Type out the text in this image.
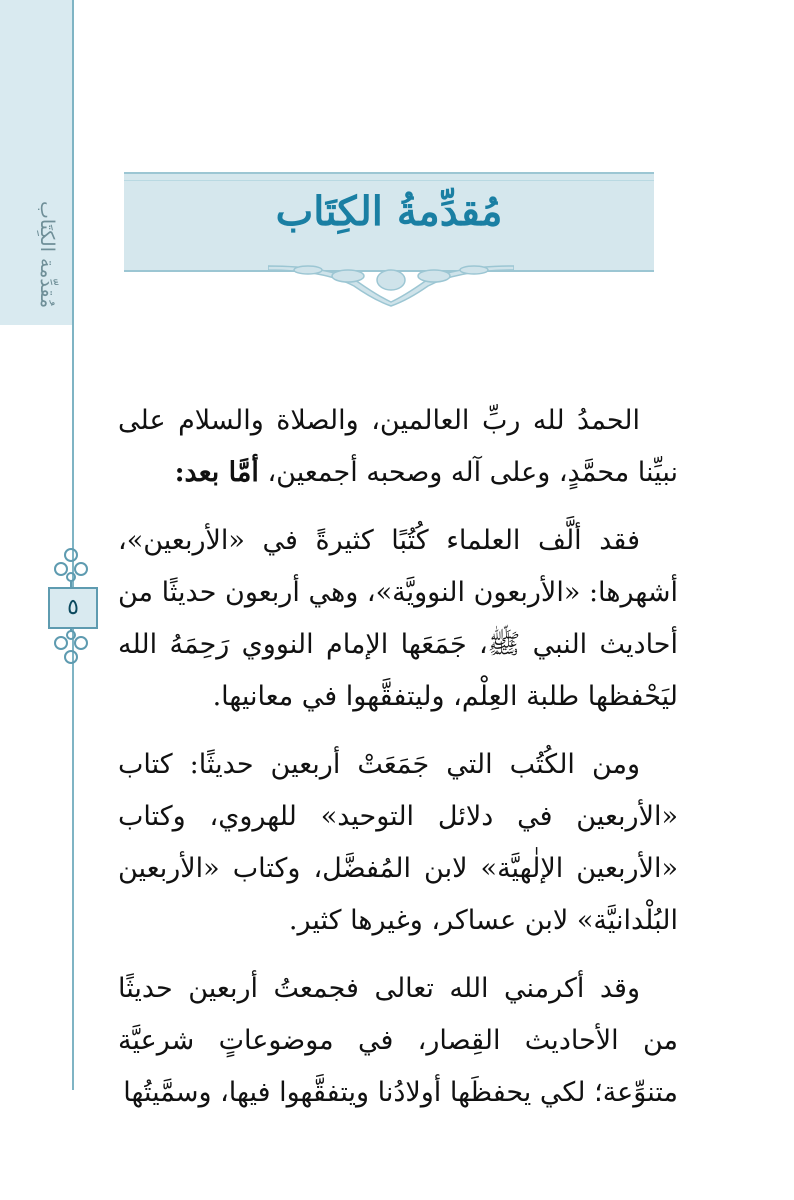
مُقدِّمة الكِتَاب
٥
مُقدِّمةُ الكِتَاب

الحمدُ لله ربِّ العالمين، والصلاة والسلام على نبيِّنا محمَّدٍ، وعلى آله وصحبه أجمعين، أمَّا بعد:

فقد ألَّف العلماء كُتُبًا كثيرةً في «الأربعين»، أشهرها: «الأربعون النوويَّة»، وهي أربعون حديثًا من أحاديث النبي ﷺ، جَمَعَها الإمام النووي رَحِمَهُ الله ليَحْفظها طلبة العِلْم، وليتفقَّهوا في معانيها.

ومن الكُتُب التي جَمَعَتْ أربعين حديثًا: كتاب «الأربعين في دلائل التوحيد» للهروي، وكتاب «الأربعين الإلٰهيَّة» لابن المُفضَّل، وكتاب «الأربعين البُلْدانيَّة» لابن عساكر، وغيرها كثير.

وقد أكرمني الله تعالى فجمعتُ أربعين حديثًا من الأحاديث القِصار، في موضوعاتٍ شرعيَّة متنوِّعة؛ لكي يحفظَها أولادُنا ويتفقَّهوا فيها، وسمَّيتُها
